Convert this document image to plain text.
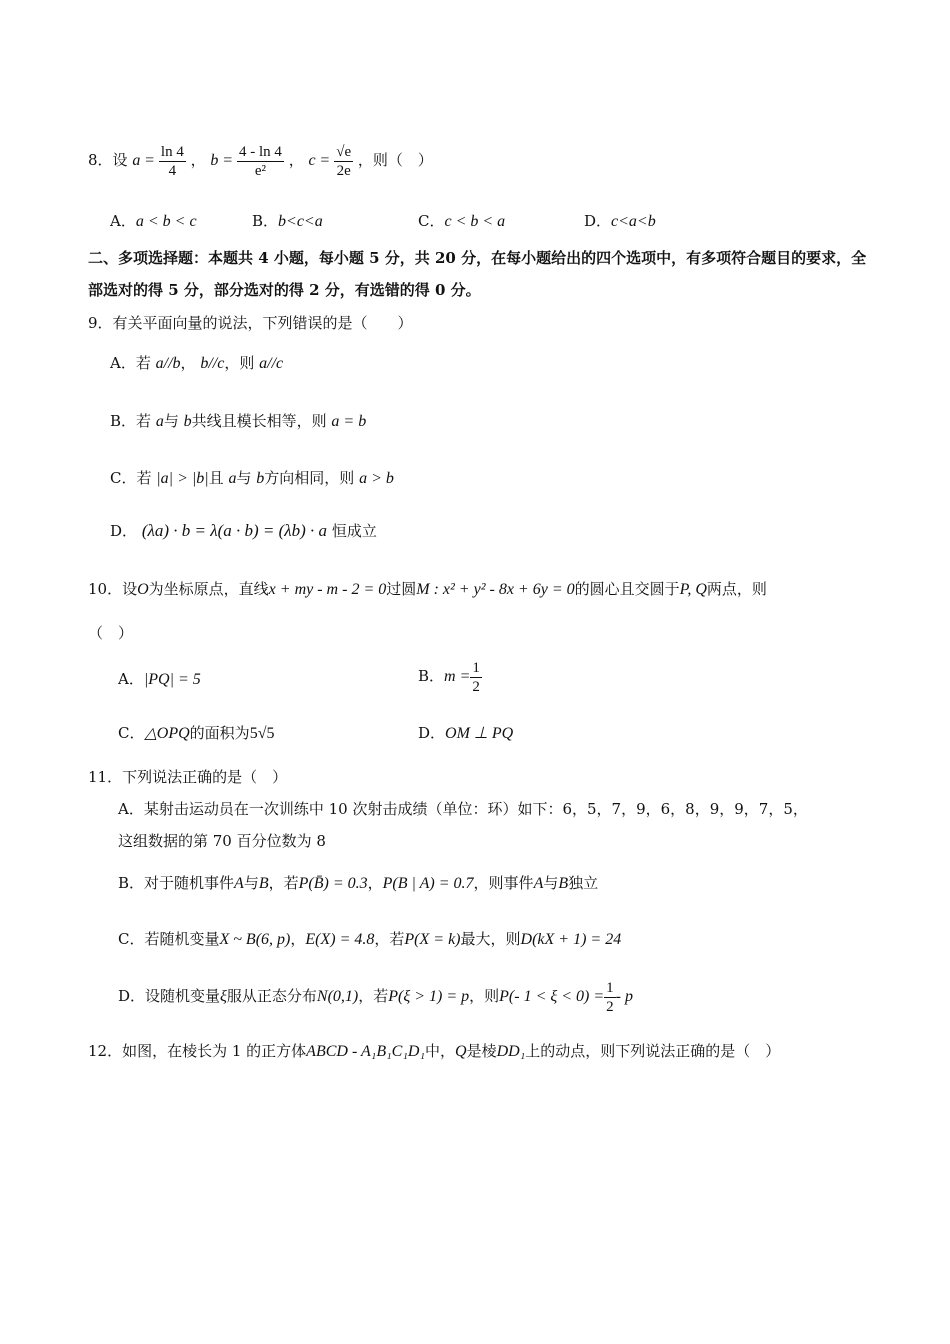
8．设 $a = \frac{\ln 4}{4}$ ， $b = \frac{4 - \ln 4}{\text{e²}}$ ， $c = \frac{√e}{2e}$ ，则（　）
A．a < b < c	B．b<c<a	C．c < b < a	D．c<a<b
二、多项选择题：本题共 4 小题，每小题 5 分，共 20 分，在每小题给出的四个选项中，有多项符合题目的要求，全部选对的得 5 分，部分选对的得 2 分，有选错的得 0 分。
9．有关平面向量的说法，下列错误的是（　　）
A．若 a//b， b//c，则 a//c
B．若 a与 b共线且模长相等，则 a = b
C．若 |a| > |b|且 a与 b方向相同，则 a > b
D． (λa) · b = λ(a · b) = (λb) · a 恒成立
10．设O为坐标原点，直线x + my - m - 2 = 0过圆M : x² + y² - 8x + 6y = 0的圆心且交圆于P, Q两点，则
（　）
A．|PQ| = 5	B．$m = \frac{1}{2}$
C．△OPQ的面积为5√5	D．OM ⊥ PQ
11．下列说法正确的是（　）
A．某射击运动员在一次训练中 10 次射击成绩（单位：环）如下：6，5，7，9，6，8，9，9，7，5，
这组数据的第 70 百分位数为 8
B．对于随机事件A与B，若P(B̄) = 0.3，P(B | A) = 0.7，则事件A与B独立
C．若随机变量X ~ B(6, p)，E(X) = 4.8，若P(X = k)最大，则D(kX + 1) = 24
D．设随机变量ξ服从正态分布N(0,1)，若P(ξ > 1) = p，则P(- $1 < \xi < 0) = \frac{1}{2} - p$
12．如图，在棱长为 1 的正方体ABCD - A₁B₁C₁D₁中，Q是棱DD₁上的动点，则下列说法正确的是（　）
